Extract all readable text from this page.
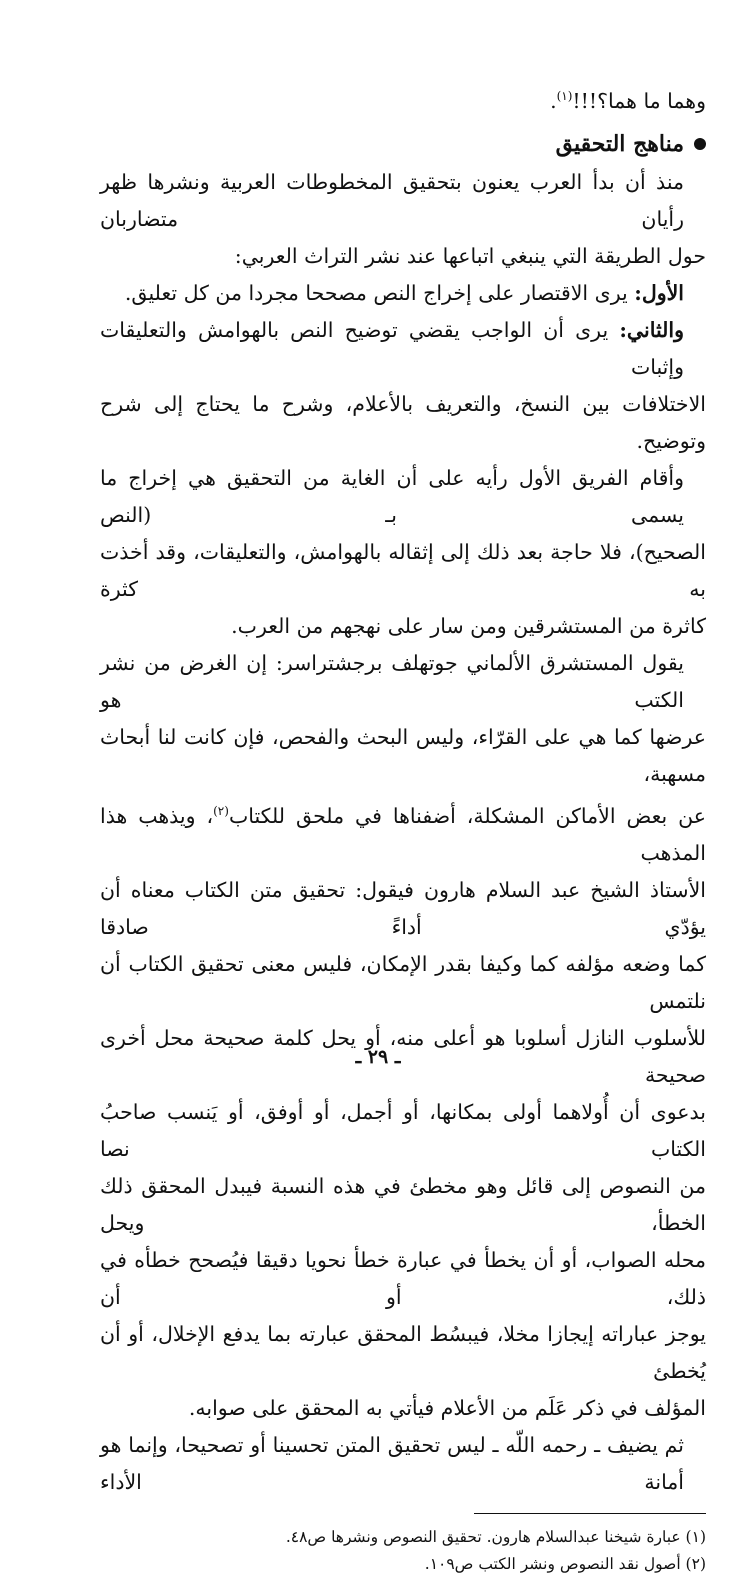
وهما ما هما؟!!!$^{(١)}$.

مناهج التحقيق

منذ أن بدأ العرب يعنون بتحقيق المخطوطات العربية ونشرها ظهر رأيان متضاربان

حول الطريقة التي ينبغي اتباعها عند نشر التراث العربي:

الأول: يرى الاقتصار على إخراج النص مصححا مجردا من كل تعليق.

والثاني: يرى أن الواجب يقضي توضيح النص بالهوامش والتعليقات وإثبات

الاختلافات بين النسخ، والتعريف بالأعلام، وشرح ما يحتاج إلى شرح وتوضيح.

وأقام الفريق الأول رأيه على أن الغاية من التحقيق هي إخراج ما يسمى بـ (النص

الصحيح)، فلا حاجة بعد ذلك إلى إثقاله بالهوامش، والتعليقات، وقد أخذت به كثرة

كاثرة من المستشرقين ومن سار على نهجهم من العرب.

يقول المستشرق الألماني جوتهلف برجشتراسر: إن الغرض من نشر الكتب هو

عرضها كما هي على القرّاء، وليس البحث والفحص، فإن كانت لنا أبحاث مسهبة،

عن بعض الأماكن المشكلة، أضفناها في ملحق للكتاب$^{(٢)}$، ويذهب هذا المذهب

الأستاذ الشيخ عبد السلام هارون فيقول: تحقيق متن الكتاب معناه أن يؤدّي أداءً صادقا

كما وضعه مؤلفه كما وكيفا بقدر الإمكان، فليس معنى تحقيق الكتاب أن نلتمس

للأسلوب النازل أسلوبا هو أعلى منه، أو يحل كلمة صحيحة محل أخرى صحيحة

بدعوى أن أُولاهما أولى بمكانها، أو أجمل، أو أوفق، أو يَنسب صاحبُ الكتاب نصا

من النصوص إلى قائل وهو مخطئ في هذه النسبة فيبدل المحقق ذلك الخطأ، ويحل

محله الصواب، أو أن يخطأ في عبارة خطأ نحويا دقيقا فيُصحح خطأه في ذلك، أو أن

يوجز عباراته إيجازا مخلا، فيبسُط المحقق عبارته بما يدفع الإخلال، أو أن يُخطئ

المؤلف في ذكر عَلَم من الأعلام فيأتي به المحقق على صوابه.

ثم يضيف ـ رحمه اللّه ـ ليس تحقيق المتن تحسينا أو تصحيحا، وإنما هو أمانة الأداء

(١) عبارة شيخنا عبدالسلام هارون. تحقيق النصوص ونشرها ص٤٨.

(٢) أصول نقد النصوص ونشر الكتب ص١٠٩.

ـ ٢٩ ـ
